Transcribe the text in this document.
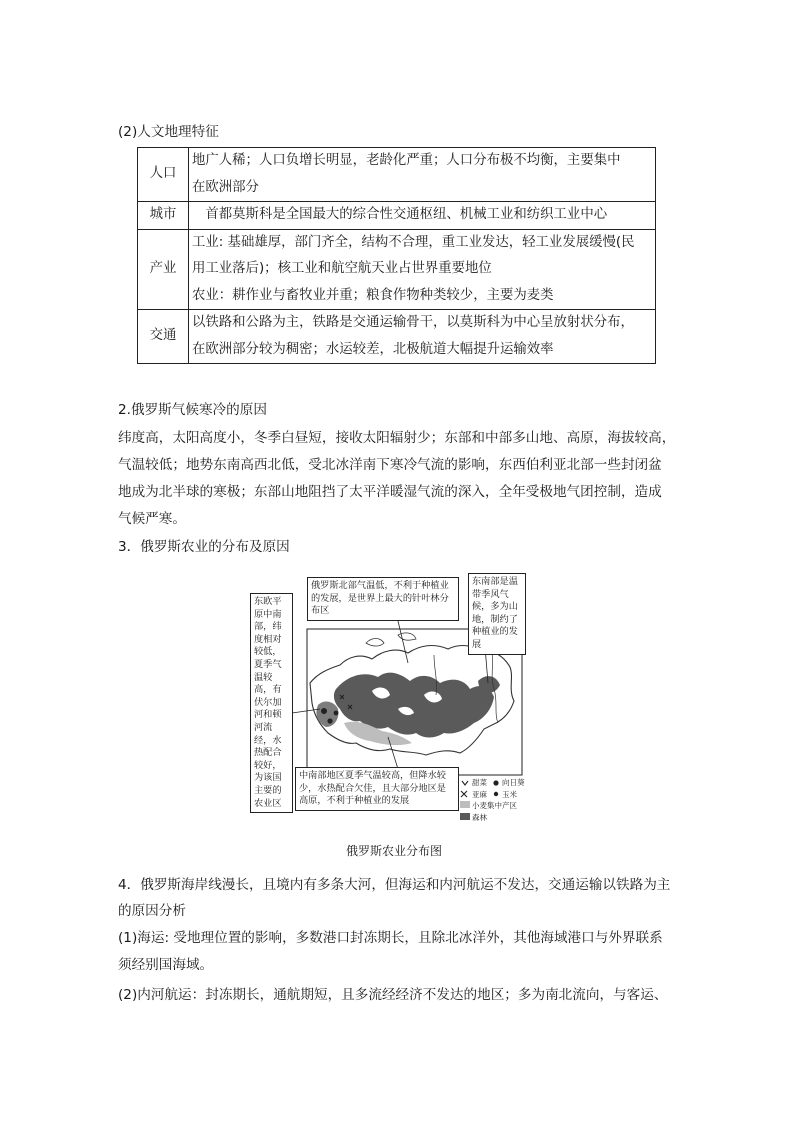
(2)人文地理特征
人口	地广人稀；人口负增长明显，老龄化严重；人口分布极不均衡，主要集中
在欧洲部分

城市	　首都莫斯科是全国最大的综合性交通枢纽、机械工业和纺织工业中心

产业	工业: 基础雄厚，部门齐全，结构不合理，重工业发达，轻工业发展缓慢(民
用工业落后)；核工业和航空航天业占世界重要地位
农业：耕作业与畜牧业并重；粮食作物种类较少，主要为麦类

交通	以铁路和公路为主，铁路是交通运输骨干，以莫斯科为中心呈放射状分布，
在欧洲部分较为稠密；水运较差，北极航道大幅提升运输效率
2.俄罗斯气候寒冷的原因
纬度高，太阳高度小，冬季白昼短，接收太阳辐射少；东部和中部多山地、高原，海拔较高，
气温较低；地势东南高西北低，受北冰洋南下寒冷气流的影响，东西伯利亚北部一些封闭盆
地成为北半球的寒极；东部山地阻挡了太平洋暖湿气流的深入，全年受极地气团控制，造成
气候严寒。
3．俄罗斯农业的分布及原因
东欧平原中南部，纬度相对较低，夏季气温较高，有伏尔加河和顿河流经，水热配合较好，为该国主要的农业区
俄罗斯北部气温低，不利于种植业的发展，是世界上最大的针叶林分布区
东南部是温带季风气候，多为山地，制约了种植业的发展
中南部地区夏季气温较高，但降水较少，水热配合欠佳，且大部分地区是高原，不利于种植业的发展
甜菜 向日葵
亚麻 玉米
小麦集中产区
森林
俄罗斯农业分布图
4．俄罗斯海岸线漫长，且境内有多条大河，但海运和内河航运不发达，交通运输以铁路为主
的原因分析
(1)海运: 受地理位置的影响，多数港口封冻期长，且除北冰洋外，其他海域港口与外界联系
须经别国海域。
(2)内河航运：封冻期长，通航期短，且多流经经济不发达的地区；多为南北流向，与客运、
